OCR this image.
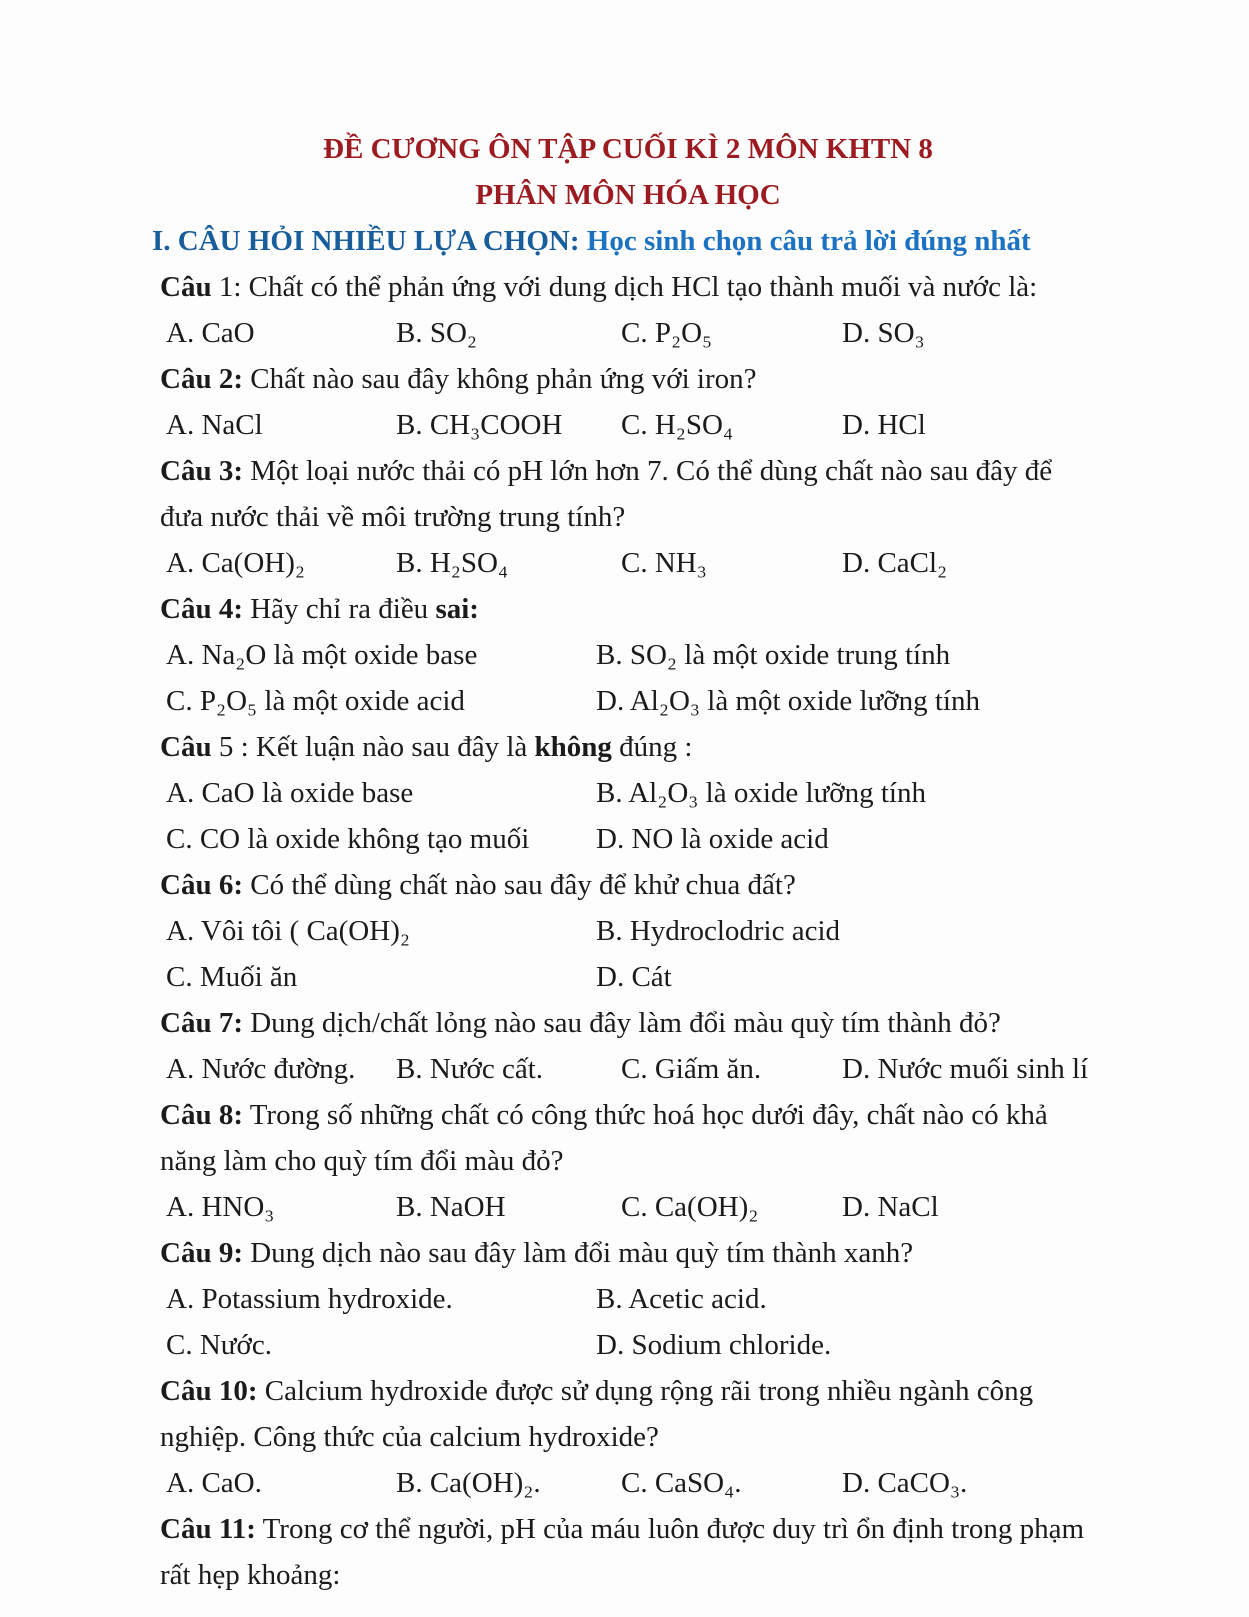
ĐỀ CƯƠNG ÔN TẬP CUỐI KÌ 2 MÔN KHTN 8

PHÂN MÔN HÓA HỌC

I. CÂU HỎI NHIỀU LỰA CHỌN: Học sinh chọn câu trả lời đúng nhất

Câu 1: Chất có thể phản ứng với dung dịch HCl tạo thành muối và nước là:

A. CaO	B. SO₂	C. P₂O₅	D. SO₃

Câu 2: Chất nào sau đây không phản ứng với iron?

A. NaCl	B. CH₃COOH	C. H₂SO₄	D. HCl

Câu 3: Một loại nước thải có pH lớn hơn 7. Có thể dùng chất nào sau đây để đưa nước thải về môi trường trung tính?

A. Ca(OH)₂	B. H₂SO₄	C. NH₃	D. CaCl₂

Câu 4: Hãy chỉ ra điều sai:

A. Na₂O là một oxide base	B. SO₂ là một oxide trung tính
C. P₂O₅ là một oxide acid	D. Al₂O₃ là một oxide lưỡng tính

Câu 5 : Kết luận nào sau đây là không đúng :

A. CaO là oxide base	B. Al₂O₃ là oxide lưỡng tính
C. CO là oxide không tạo muối	D. NO là oxide acid

Câu 6: Có thể dùng chất nào sau đây để khử chua đất?

A. Vôi tôi ( Ca(OH)₂	B. Hydroclodric acid
C. Muối ăn	D. Cát

Câu 7: Dung dịch/chất lỏng nào sau đây làm đổi màu quỳ tím thành đỏ?

A. Nước đường.	B. Nước cất.	C. Giấm ăn.	D. Nước muối sinh lí

Câu 8: Trong số những chất có công thức hoá học dưới đây, chất nào có khả năng làm cho quỳ tím đổi màu đỏ?

A. HNO₃	B. NaOH	C. Ca(OH)₂	D. NaCl

Câu 9: Dung dịch nào sau đây làm đổi màu quỳ tím thành xanh?

A. Potassium hydroxide.	B. Acetic acid.
C. Nước.	D. Sodium chloride.

Câu 10: Calcium hydroxide được sử dụng rộng rãi trong nhiều ngành công nghiệp. Công thức của calcium hydroxide?

A. CaO.	B. Ca(OH)₂.	C. CaSO₄.	D. CaCO₃.

Câu 11: Trong cơ thể người, pH của máu luôn được duy trì ổn định trong phạm rất hẹp khoảng:
